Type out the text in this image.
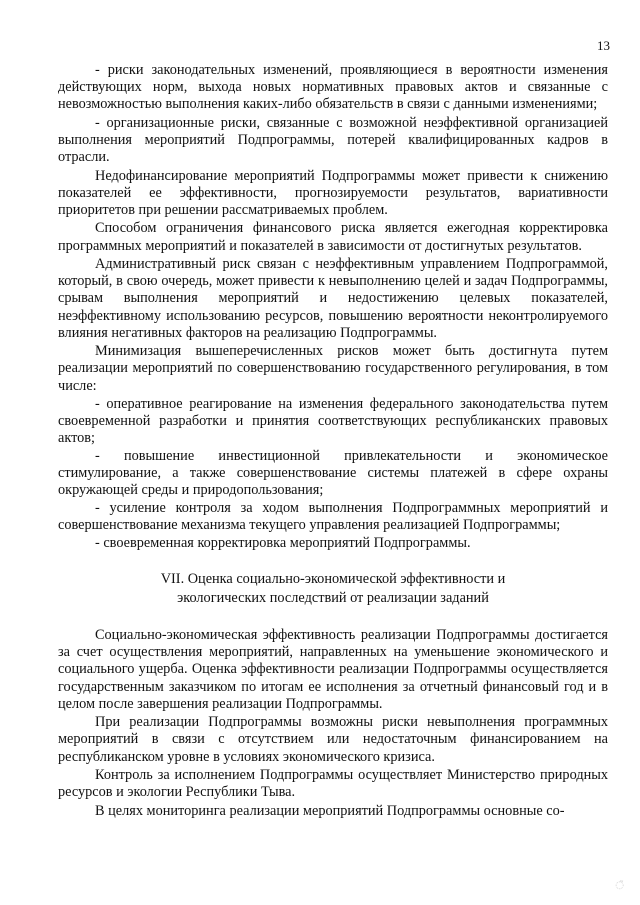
13

- риски законодательных изменений, проявляющиеся в вероятности изменения действующих норм, выхода новых нормативных правовых актов и связанные с невозможностью выполнения каких-либо обязательств в связи с данными изменениями;

- организационные риски, связанные с возможной неэффективной организацией выполнения мероприятий Подпрограммы, потерей квалифицированных кадров в отрасли.

Недофинансирование мероприятий Подпрограммы может привести к снижению показателей ее эффективности, прогнозируемости результатов, вариативности приоритетов при решении рассматриваемых проблем.

Способом ограничения финансового риска является ежегодная корректировка программных мероприятий и показателей в зависимости от достигнутых результатов.

Административный риск связан с неэффективным управлением Подпрограммой, который, в свою очередь, может привести к невыполнению целей и задач Подпрограммы, срывам выполнения мероприятий и недостижению целевых показателей, неэффективному использованию ресурсов, повышению вероятности неконтролируемого влияния негативных факторов на реализацию Подпрограммы.

Минимизация вышеперечисленных рисков может быть достигнута путем реализации мероприятий по совершенствованию государственного регулирования, в том числе:

- оперативное реагирование на изменения федерального законодательства путем своевременной разработки и принятия соответствующих республиканских правовых актов;

- повышение инвестиционной привлекательности и экономическое стимулирование, а также совершенствование системы платежей в сфере охраны окружающей среды и природопользования;

- усиление контроля за ходом выполнения Подпрограммных мероприятий и совершенствование механизма текущего управления реализацией Подпрограммы;

- своевременная корректировка мероприятий Подпрограммы.

VII. Оценка социально-экономической эффективности и
экологических последствий от реализации заданий

Социально-экономическая эффективность реализации Подпрограммы достигается за счет осуществления мероприятий, направленных на уменьшение экономического и социального ущерба. Оценка эффективности реализации Подпрограммы осуществляется государственным заказчиком по итогам ее исполнения за отчетный финансовый год и в целом после завершения реализации Подпрограммы.

При реализации Подпрограммы возможны риски невыполнения программных мероприятий в связи с отсутствием или недостаточным финансированием на республиканском уровне в условиях экономического кризиса.

Контроль за исполнением Подпрограммы осуществляет Министерство природных ресурсов и экологии Республики Тыва.

В целях мониторинга реализации мероприятий Подпрограммы основные со-

◌̃
